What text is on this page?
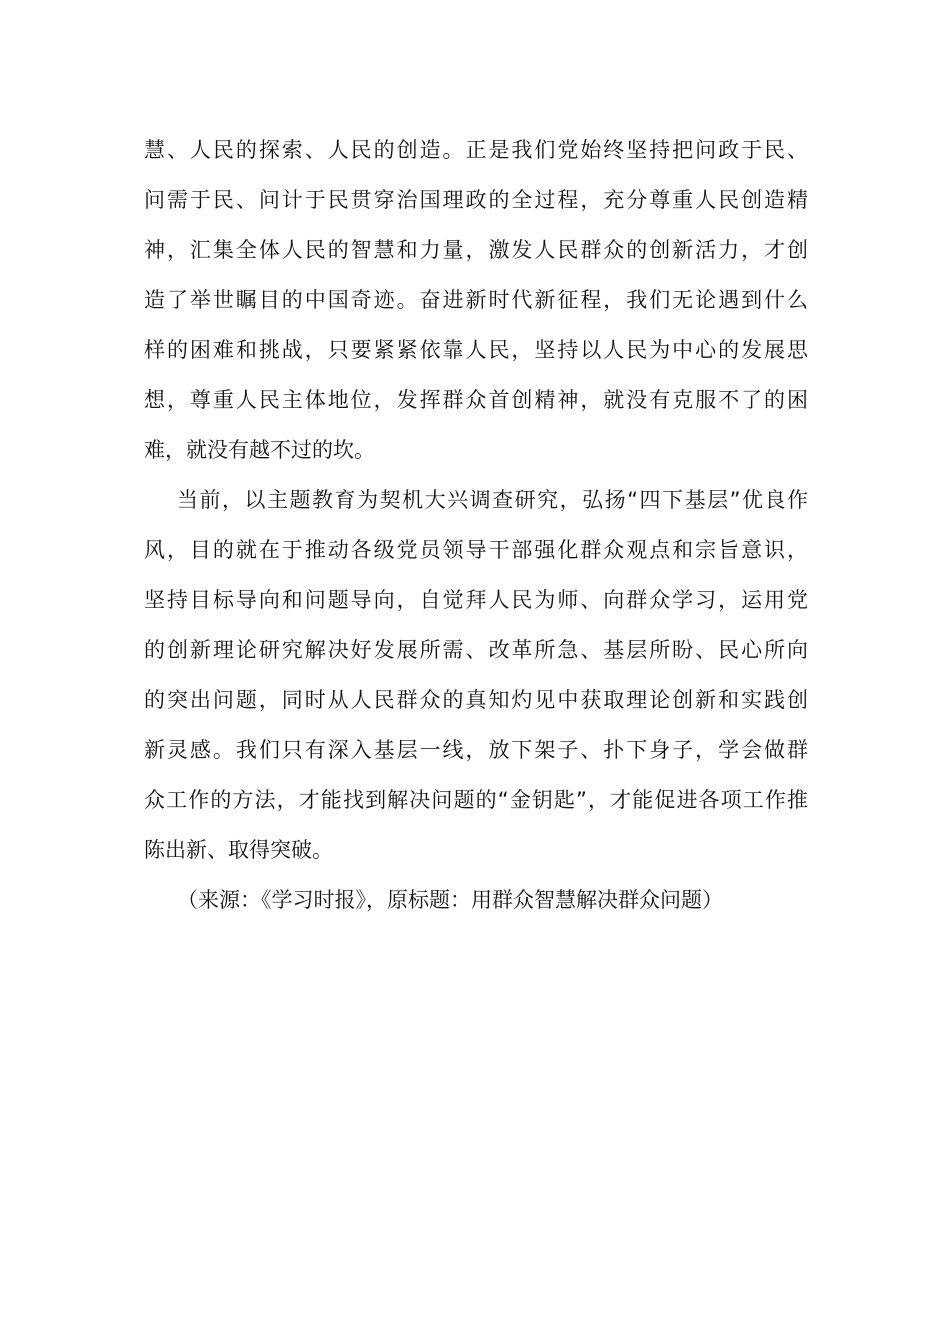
慧、人民的探索、人民的创造。正是我们党始终坚持把问政于民、
问需于民、问计于民贯穿治国理政的全过程，充分尊重人民创造精
神，汇集全体人民的智慧和力量，激发人民群众的创新活力，才创
造了举世瞩目的中国奇迹。奋进新时代新征程，我们无论遇到什么
样的困难和挑战，只要紧紧依靠人民，坚持以人民为中心的发展思
想，尊重人民主体地位，发挥群众首创精神，就没有克服不了的困
难，就没有越不过的坎。
当前，以主题教育为契机大兴调查研究，弘扬“四下基层”优良作
风，目的就在于推动各级党员领导干部强化群众观点和宗旨意识，
坚持目标导向和问题导向，自觉拜人民为师、向群众学习，运用党
的创新理论研究解决好发展所需、改革所急、基层所盼、民心所向
的突出问题，同时从人民群众的真知灼见中获取理论创新和实践创
新灵感。我们只有深入基层一线，放下架子、扑下身子，学会做群
众工作的方法，才能找到解决问题的“金钥匙”，才能促进各项工作推
陈出新、取得突破。
（来源：《学习时报》，原标题：用群众智慧解决群众问题）
